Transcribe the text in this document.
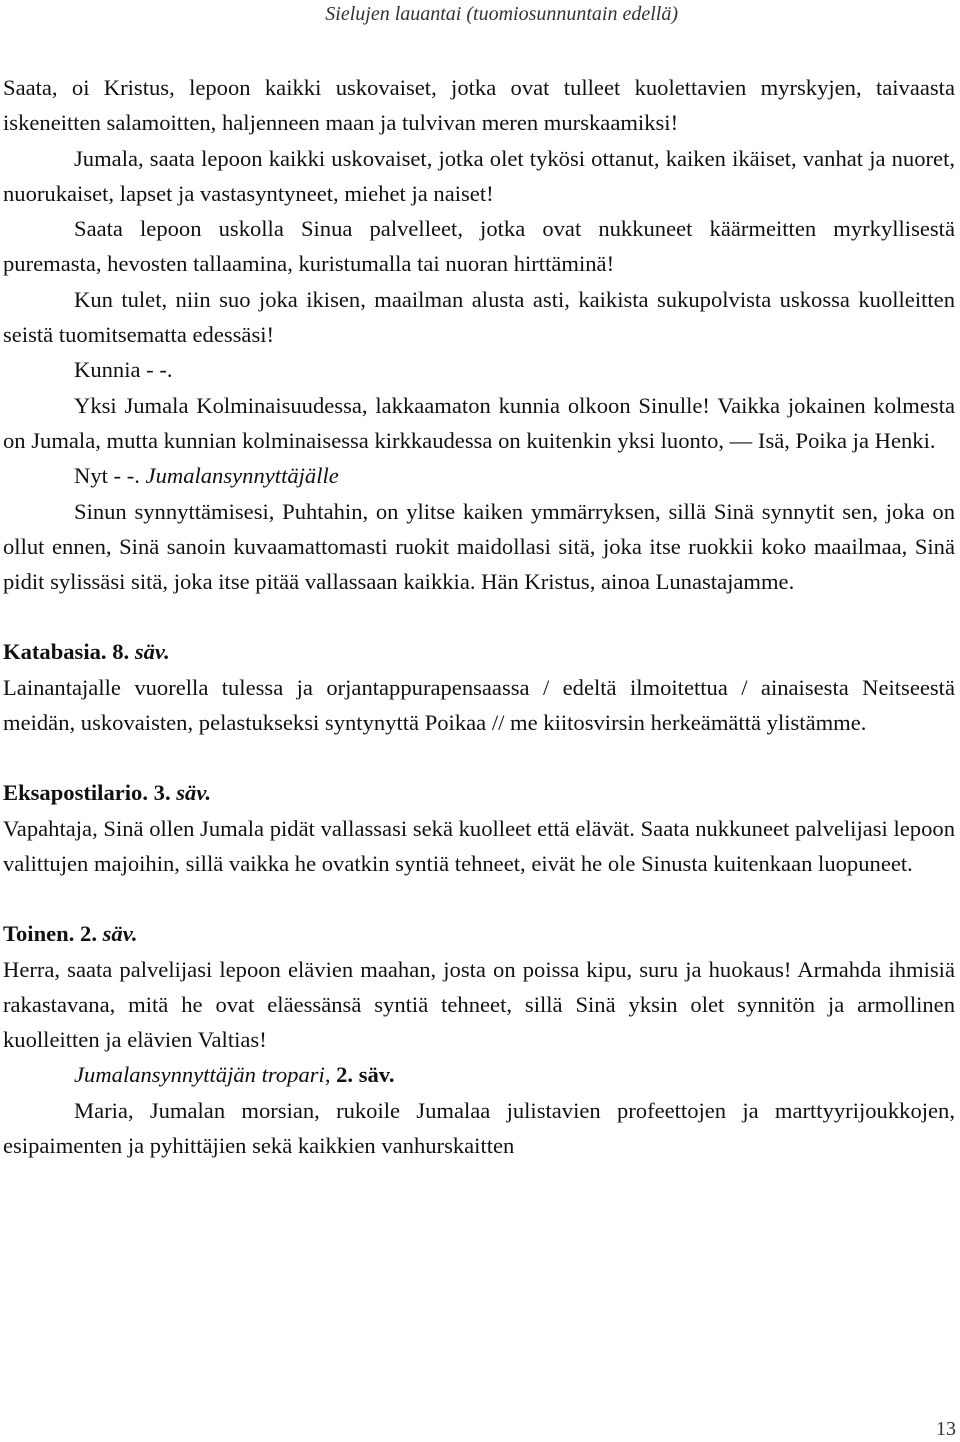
Sielujen lauantai (tuomiosunnuntain edellä)

Saata, oi Kristus, lepoon kaikki uskovaiset, jotka ovat tulleet kuolettavien myrskyjen, taivaasta iskeneitten salamoitten, haljenneen maan ja tulvivan meren murskaamiksi!

Jumala, saata lepoon kaikki uskovaiset, jotka olet tykösi ottanut, kaiken ikäiset, vanhat ja nuoret, nuorukaiset, lapset ja vastasyntyneet, miehet ja naiset!

Saata lepoon uskolla Sinua palvelleet, jotka ovat nukkuneet käärmeitten myrkyllisestä puremasta, hevosten tallaamina, kuristumalla tai nuoran hirttäminä!

Kun tulet, niin suo joka ikisen, maailman alusta asti, kaikista sukupolvista uskossa kuolleitten seistä tuomitsematta edessäsi!

Kunnia - -.

Yksi Jumala Kolminaisuudessa, lakkaamaton kunnia olkoon Sinulle! Vaikka jokainen kolmesta on Jumala, mutta kunnian kolminaisessa kirkkaudessa on kuitenkin yksi luonto, — Isä, Poika ja Henki.

Nyt - -. Jumalansynnyttäjälle

Sinun synnyttämisesi, Puhtahin, on ylitse kaiken ymmärryksen, sillä Sinä synnytit sen, joka on ollut ennen, Sinä sanoin kuvaamattomasti ruokit maidollasi sitä, joka itse ruokkii koko maailmaa, Sinä pidit sylissäsi sitä, joka itse pitää vallassaan kaikkia. Hän Kristus, ainoa Lunastajamme.

Katabasia. 8. säv.

Lainantajalle vuorella tulessa ja orjantappurapensaassa / edeltä ilmoitettua / ainaisesta Neitseestä meidän, uskovaisten, pelastukseksi syntynyttä Poikaa // me kiitosvirsin herkeämättä ylistämme.

Eksapostilario. 3. säv.

Vapahtaja, Sinä ollen Jumala pidät vallassasi sekä kuolleet että elävät. Saata nukkuneet palvelijasi lepoon valittujen majoihin, sillä vaikka he ovatkin syntiä tehneet, eivät he ole Sinusta kuitenkaan luopuneet.

Toinen. 2. säv.

Herra, saata palvelijasi lepoon elävien maahan, josta on poissa kipu, suru ja huokaus! Armahda ihmisiä rakastavana, mitä he ovat eläessänsä syntiä tehneet, sillä Sinä yksin olet synnitön ja armollinen kuolleitten ja elävien Valtias!

Jumalansynnyttäjän tropari, 2. säv.

Maria, Jumalan morsian, rukoile Jumalaa julistavien profeettojen ja marttyyrijoukkojen, esipaimenten ja pyhittäjien sekä kaikkien vanhurskaitten

13
